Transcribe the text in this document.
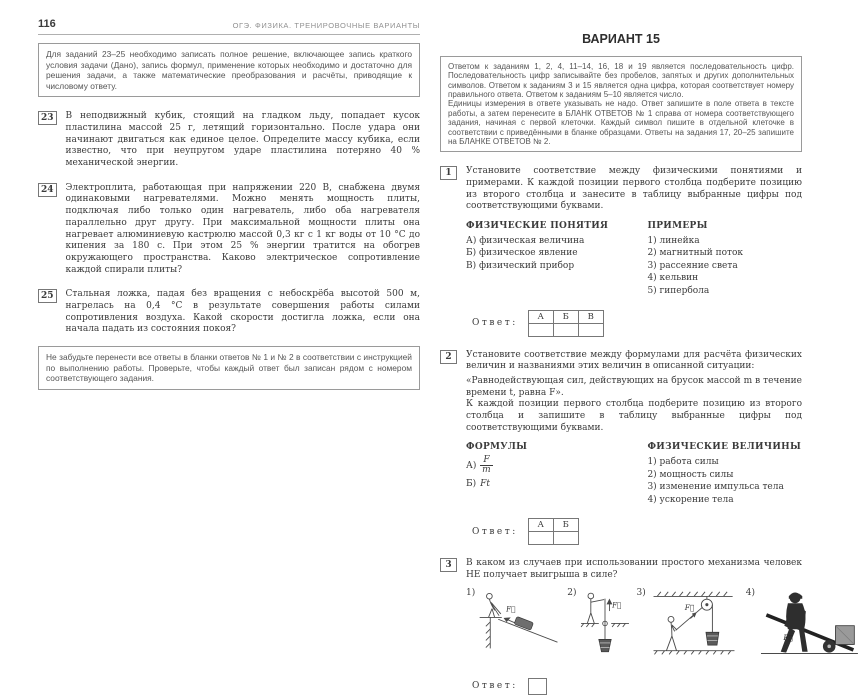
116	ОГЭ. ФИЗИКА. ТРЕНИРОВОЧНЫЕ ВАРИАНТЫ
Для заданий 23–25 необходимо записать полное решение, включающее запись краткого условия задачи (Дано), запись формул, применение которых необходимо и достаточно для решения задачи, а также математические преобразования и расчёты, приводящие к числовому ответу.
23	В неподвижный кубик, стоящий на гладком льду, попадает кусок пластилина массой 25 г, летящий горизонтально. После удара они начинают двигаться как единое целое. Определите массу кубика, если известно, что при неупругом ударе пластилина потеряно 40 % механической энергии.
24	Электроплита, работающая при напряжении 220 В, снабжена двумя одинаковыми нагревателями. Можно менять мощность плиты, подключая либо только один нагреватель, либо оба нагревателя параллельно друг другу. При максимальной мощности плиты она нагревает алюминиевую кастрюлю массой 0,3 кг с 1 кг воды от 10 °С до кипения за 180 с. При этом 25 % энергии тратится на обогрев окружающего пространства. Каково электрическое сопротивление каждой спирали плиты?
25	Стальная ложка, падая без вращения с небоскрёба высотой 500 м, нагрелась на 0,4 °С в результате совершения работы силами сопротивления воздуха. Какой скорости достигла ложка, если она начала падать из состояния покоя?
Не забудьте перенести все ответы в бланки ответов № 1 и № 2 в соответствии с инструкцией по выполнению работы. Проверьте, чтобы каждый ответ был записан рядом с номером соответствующего задания.
ВАРИАНТ 15

Ответом к заданиям 1, 2, 4, 11–14, 16, 18 и 19 является последовательность цифр. Последовательность цифр записывайте без пробелов, запятых и других дополнительных символов. Ответом к заданиям 3 и 15 является одна цифра, которая соответствует номеру правильного ответа. Ответом к заданиям 5–10 является число.

Единицы измерения в ответе указывать не надо. Ответ запишите в поле ответа в тексте работы, а затем перенесите в БЛАНК ОТВЕТОВ № 1 справа от номера соответствующего задания, начиная с первой клеточки. Каждый символ пишите в отдельной клеточке в соответствии с приведёнными в бланке образцами. Ответы на задания 17, 20–25 запишите на БЛАНКЕ ОТВЕТОВ № 2.

1	Установите соответствие между физическими понятиями и примерами. К каждой позиции первого столбца подберите позицию из второго столбца и занесите в таблицу выбранные цифры под соответствующими буквами.
ФИЗИЧЕСКИЕ ПОНЯТИЯ
А) физическая величина
Б) физическое явление
В) физический прибор
ПРИМЕРЫ
1) линейка
2) магнитный поток
3) рассеяние света
4) кельвин
5) гипербола
Ответ:
А	Б	В

2	Установите соответствие между формулами для расчёта физических величин и названиями этих величин в описанной ситуации:
«Равнодействующая сил, действующих на брусок массой m в течение времени t, равна F».
К каждой позиции первого столбца подберите позицию из второго столбца и запишите в таблицу выбранные цифры под соответствующими буквами.
ФОРМУЛЫ
$А) \frac{F}{m}$
Б) Ft
ФИЗИЧЕСКИЕ ВЕЛИЧИНЫ
1) работа силы
2) мощность силы
3) изменение импульса тела
4) ускорение тела
Ответ:
А	Б

3	В каком из случаев при использовании простого механизма человек НЕ получает выигрыша в силе?
1)
F⃗
2)
F⃗
3)
F⃗
4)
F⃗
Ответ:
